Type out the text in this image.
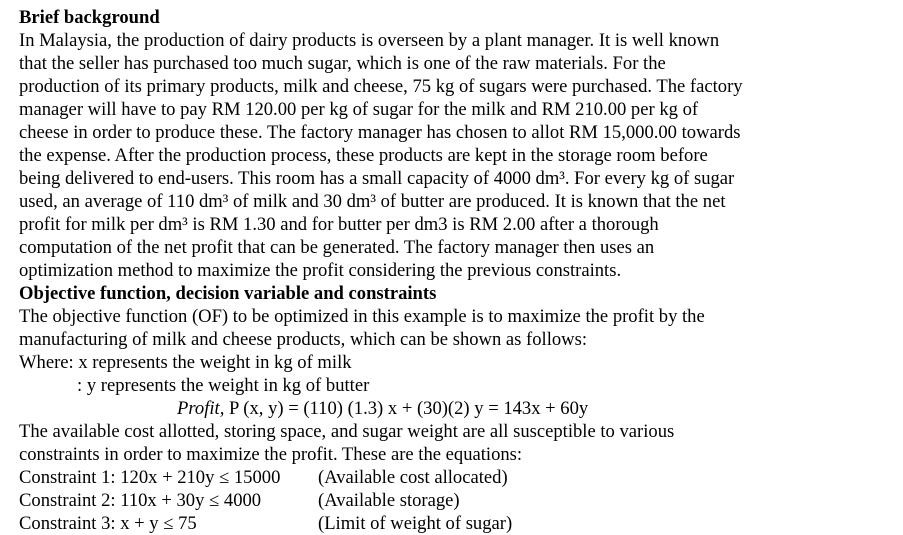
Brief background
In Malaysia, the production of dairy products is overseen by a plant manager. It is well known
that the seller has purchased too much sugar, which is one of the raw materials. For the
production of its primary products, milk and cheese, 75 kg of sugars were purchased. The factory
manager will have to pay RM 120.00 per kg of sugar for the milk and RM 210.00 per kg of
cheese in order to produce these. The factory manager has chosen to allot RM 15,000.00 towards
the expense. After the production process, these products are kept in the storage room before
being delivered to end-users. This room has a small capacity of 4000 dm³. For every kg of sugar
used, an average of 110 dm³ of milk and 30 dm³ of butter are produced. It is known that the net
profit for milk per dm³ is RM 1.30 and for butter per dm3 is RM 2.00 after a thorough
computation of the net profit that can be generated. The factory manager then uses an
optimization method to maximize the profit considering the previous constraints.
Objective function, decision variable and constraints
The objective function (OF) to be optimized in this example is to maximize the profit by the
manufacturing of milk and cheese products, which can be shown as follows:
Where: x represents the weight in kg of milk
: y represents the weight in kg of butter
Profit, P (x, y) = (110) (1.3) x + (30)(2) y = 143x + 60y
The available cost allotted, storing space, and sugar weight are all susceptible to various
constraints in order to maximize the profit. These are the equations:
Constraint 1: 120x + 210y ≤ 15000	(Available cost allocated)
Constraint 2: 110x + 30y ≤ 4000	(Available storage)
Constraint 3: x + y ≤ 75	(Limit of weight of sugar)
